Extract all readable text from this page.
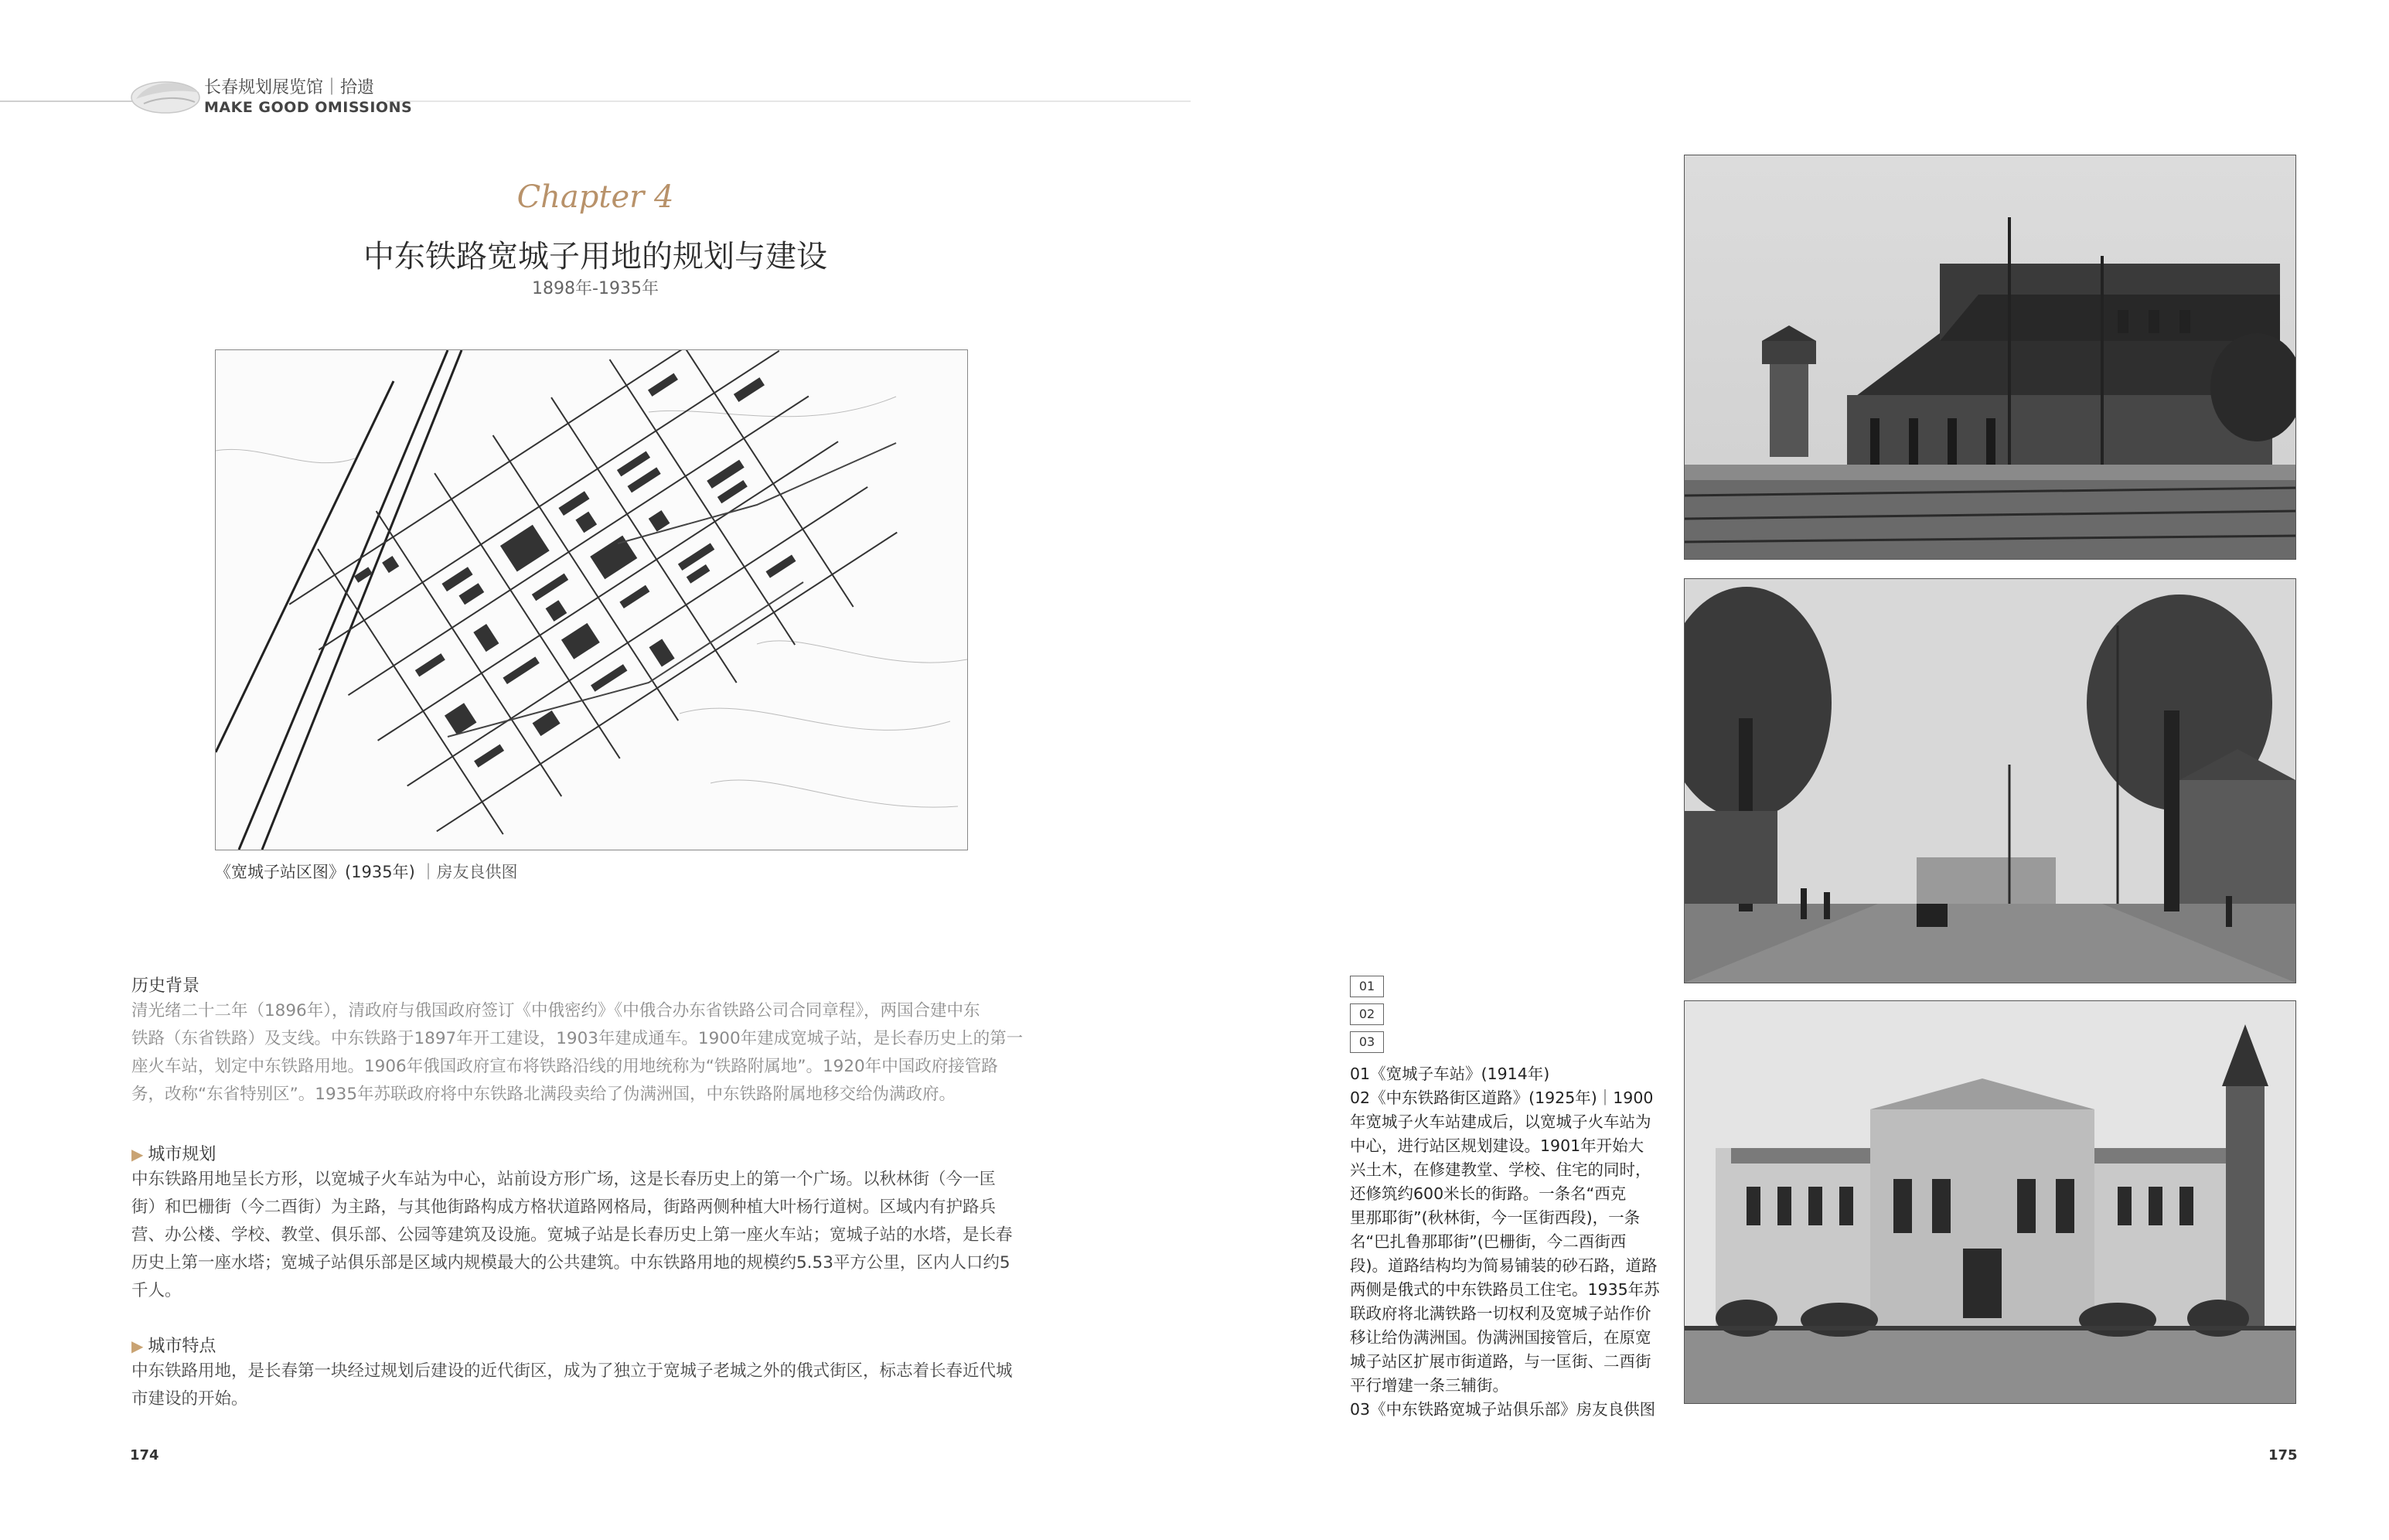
长春规划展览馆｜拾遗
MAKE GOOD OMISSIONS
Chapter 4
中东铁路宽城子用地的规划与建设
1898年-1935年
《宽城子站区图》(1935年) ｜房友良供图
历史背景
清光绪二十二年（1896年），清政府与俄国政府签订《中俄密约》《中俄合办东省铁路公司合同章程》，两国合建中东
铁路（东省铁路）及支线。中东铁路于1897年开工建设，1903年建成通车。1900年建成宽城子站，是长春历史上的第一
座火车站，划定中东铁路用地。1906年俄国政府宣布将铁路沿线的用地统称为“铁路附属地”。1920年中国政府接管路
务，改称“东省特别区”。1935年苏联政府将中东铁路北满段卖给了伪满洲国，中东铁路附属地移交给伪满政府。
▶ 城市规划
中东铁路用地呈长方形，以宽城子火车站为中心，站前设方形广场，这是长春历史上的第一个广场。以秋林街（今一匡
街）和巴栅街（今二酉街）为主路，与其他街路构成方格状道路网格局，街路两侧种植大叶杨行道树。区域内有护路兵
营、办公楼、学校、教堂、俱乐部、公园等建筑及设施。宽城子站是长春历史上第一座火车站；宽城子站的水塔，是长春
历史上第一座水塔；宽城子站俱乐部是区域内规模最大的公共建筑。中东铁路用地的规模约5.53平方公里，区内人口约5
千人。
▶ 城市特点
中东铁路用地，是长春第一块经过规划后建设的近代街区，成为了独立于宽城子老城之外的俄式街区，标志着长春近代城
市建设的开始。
174	175
01
02
03
01《宽城子车站》(1914年)
02《中东铁路街区道路》(1925年)｜1900
年宽城子火车站建成后，以宽城子火车站为
中心，进行站区规划建设。1901年开始大
兴土木，在修建教堂、学校、住宅的同时，
还修筑约600米长的街路。一条名“西克
里那耶街”(秋林街，今一匡街西段)，一条
名“巴扎鲁那耶街”(巴栅街，今二酉街西
段)。道路结构均为简易铺装的砂石路，道路
两侧是俄式的中东铁路员工住宅。1935年苏
联政府将北满铁路一切权利及宽城子站作价
移让给伪满洲国。伪满洲国接管后，在原宽
城子站区扩展市街道路，与一匡街、二酉街
平行增建一条三辅街。
03《中东铁路宽城子站俱乐部》房友良供图
